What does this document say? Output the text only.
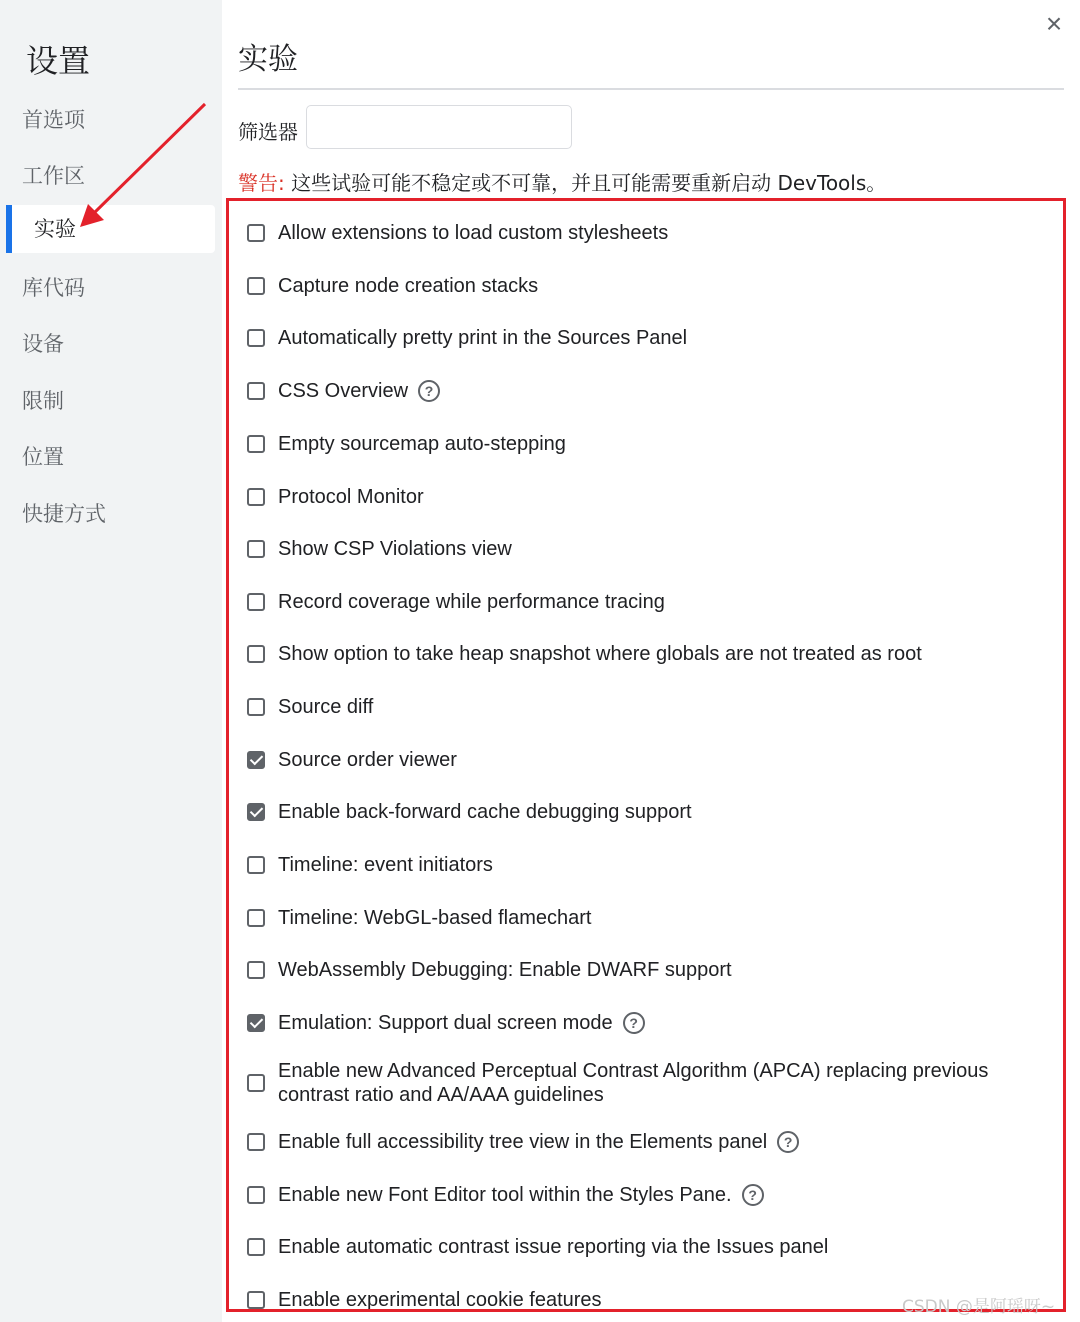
设置
首选项
工作区
实验
库代码
设备
限制
位置
快捷方式
×
实验
筛选器
警告: 这些试验可能不稳定或不可靠，并且可能需要重新启动 DevTools。
Allow extensions to load custom stylesheets
Capture node creation stacks
Automatically pretty print in the Sources Panel
CSS Overview	?
Empty sourcemap auto-stepping
Protocol Monitor
Show CSP Violations view
Record coverage while performance tracing
Show option to take heap snapshot where globals are not treated as root
Source diff
Source order viewer
Enable back-forward cache debugging support
Timeline: event initiators
Timeline: WebGL-based flamechart
WebAssembly Debugging: Enable DWARF support
Emulation: Support dual screen mode	?
Enable new Advanced Perceptual Contrast Algorithm (APCA) replacing previous contrast ratio and AA/AAA guidelines
Enable full accessibility tree view in the Elements panel	?
Enable new Font Editor tool within the Styles Pane.	?
Enable automatic contrast issue reporting via the Issues panel
Enable experimental cookie features	CSDN @是阿瑶呀~
